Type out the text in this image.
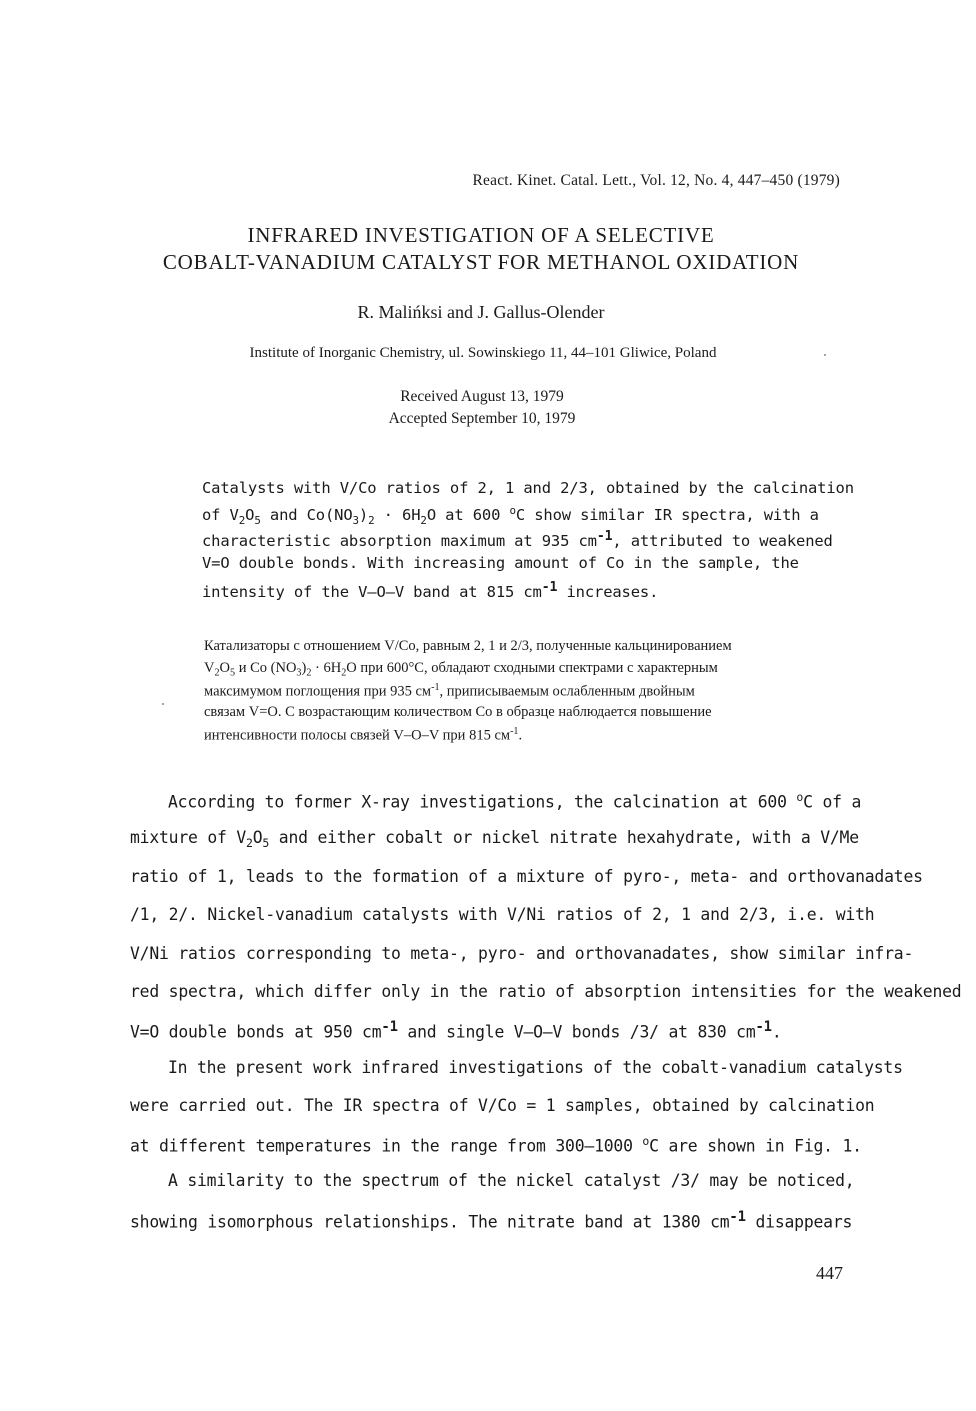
React. Kinet. Catal. Lett., Vol. 12, No. 4, 447–450 (1979)
INFRARED INVESTIGATION OF A SELECTIVE
COBALT-VANADIUM CATALYST FOR METHANOL OXIDATION
R. Malińksi and J. Gallus-Olender
Institute of Inorganic Chemistry, ul. Sowinskiego 11, 44–101 Gliwice, Poland
Received August 13, 1979
Accepted September 10, 1979
Catalysts with V/Co ratios of 2, 1 and 2/3, obtained by the calcination
of $V_2O_5$ and $Co(NO_3)_2 \cdot 6H_2O$ at 600 $^o$C show similar IR spectra, with a
characteristic absorption maximum at 935 cm-1, attributed to weakened
V=O double bonds. With increasing amount of Co in the sample, the
intensity of the V–O–V band at 815 cm-1 increases.
Катализаторы с отношением V/Co, равным 2, 1 и 2/3, полученные кальцинированием
$V_2O_5$ и Co $(NO_3)_2 \cdot 6H_2O$ при 600°С, обладают сходными спектрами с характерным
максимумом поглощения при 935 $см^{-1}$, приписываемым ослабленным двойным
связам V=O. С возрастающим количеством Co в образце наблюдается повышение
интенсивности полосы связей V–O–V при 815 $см^{-1}$.
According to former X-ray investigations, the calcination at 600 $^o$C of a
mixture of $V_2O_5$ and either cobalt or nickel nitrate hexahydrate, with a V/Me
ratio of 1, leads to the formation of a mixture of pyro-, meta- and orthovanadates
/1, 2/. Nickel-vanadium catalysts with V/Ni ratios of 2, 1 and 2/3, i.e. with
V/Ni ratios corresponding to meta-, pyro- and orthovanadates, show similar infra-
red spectra, which differ only in the ratio of absorption intensities for the weakened
V=O double bonds at 950 cm-1 and single V–O–V bonds /3/ at 830 cm-1.
In the present work infrared investigations of the cobalt-vanadium catalysts
were carried out. The IR spectra of V/Co = 1 samples, obtained by calcination
at different temperatures in the range from 300–1000 $^o$C are shown in Fig. 1.
A similarity to the spectrum of the nickel catalyst /3/ may be noticed,
showing isomorphous relationships. The nitrate band at 1380 cm-1 disappears
447
